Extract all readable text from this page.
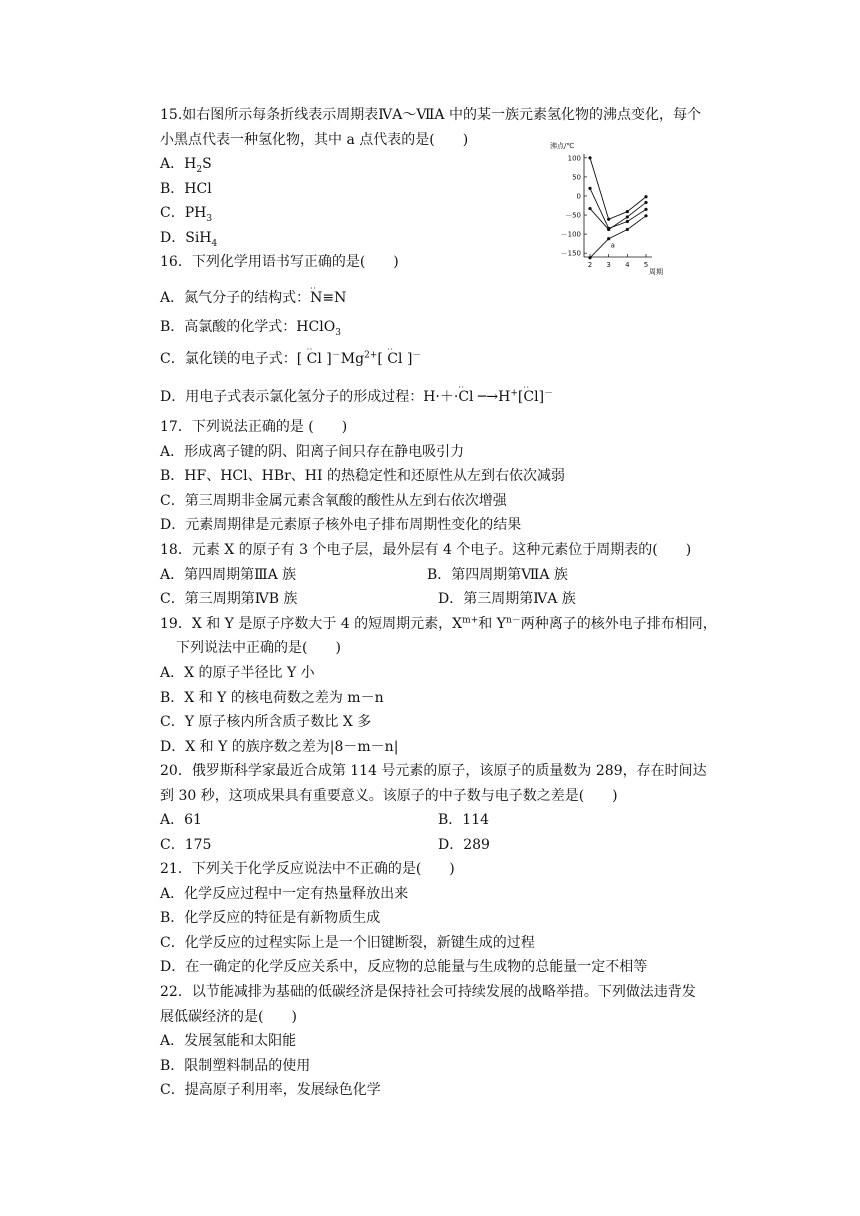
15.如右图所示每条折线表示周期表ⅣA～ⅦA 中的某一族元素氢化物的沸点变化，每个
小黑点代表一种氢化物，其中 a 点代表的是(　　)
A．$H_2S$
B．HCl
C．$PH_3$
D．SiH$_4$
沸点/℃
周期
100
50
0
－50
－100
－150
2 3 4 5
a
16．下列化学用语书写正确的是(　　)
A．氮气分子的结构式：· · N≡N
B．高氯酸的化学式：HClO$_3$
C．氯化镁的电子式：[ · · Cl ]$^-Mg^{2+}$[ · · Cl ]－
D．用电子式表示氯化氢分子的形成过程：H·＋·· · Cl ─→H+[· · Cl]－
17．下列说法正确的是 (　　)
A．形成离子键的阴、阳离子间只存在静电吸引力
B．HF、HCl、HBr、HI 的热稳定性和还原性从左到右依次减弱
C．第三周期非金属元素含氧酸的酸性从左到右依次增强
D．元素周期律是元素原子核外电子排布周期性变化的结果
18．元素 X 的原子有 3 个电子层，最外层有 4 个电子。这种元素位于周期表的(　　)
A．第四周期第ⅢA 族	B．第四周期第ⅦA 族
C．第三周期第ⅣB 族	D．第三周期第ⅣA 族
19．X 和 Y 是原子序数大于 4 的短周期元素，$X^{m+}$和 $Y^{n-}$两种离子的核外电子排布相同，
下列说法中正确的是(　　)
A．X 的原子半径比 Y 小
B．X 和 Y 的核电荷数之差为 m－n
C．Y 原子核内所含质子数比 X 多
D．X 和 Y 的族序数之差为|8－m－n|
20．俄罗斯科学家最近合成第 114 号元素的原子，该原子的质量数为 289，存在时间达
到 30 秒，这项成果具有重要意义。该原子的中子数与电子数之差是(　　)
A．61	B．114
C．175	D．289
21．下列关于化学反应说法中不正确的是(　　)
A．化学反应过程中一定有热量释放出来
B．化学反应的特征是有新物质生成
C．化学反应的过程实际上是一个旧键断裂，新键生成的过程
D．在一确定的化学反应关系中，反应物的总能量与生成物的总能量一定不相等
22．以节能减排为基础的低碳经济是保持社会可持续发展的战略举措。下列做法违背发
展低碳经济的是(　　)
A．发展氢能和太阳能
B．限制塑料制品的使用
C．提高原子利用率，发展绿色化学
